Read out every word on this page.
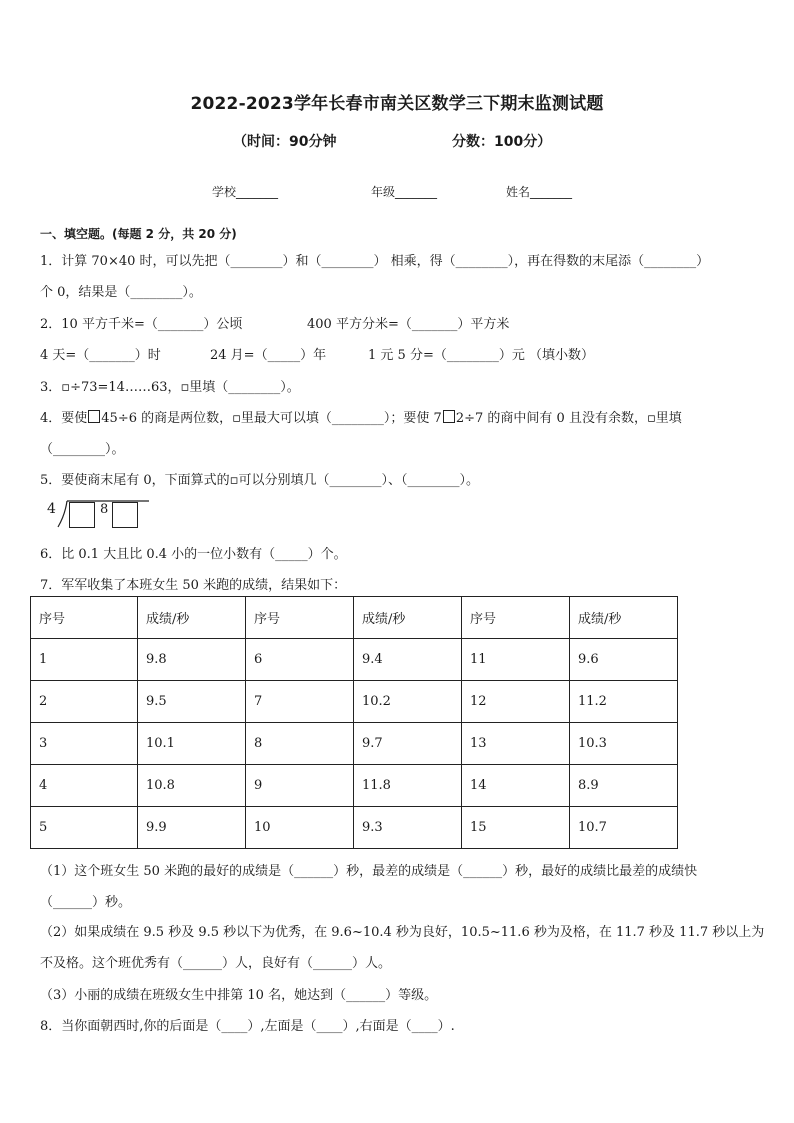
2022-2023学年长春市南关区数学三下期末监测试题
（时间：90分钟	分数：100分）
学校_______	年级_______	姓名_______
一、填空题。(每题 2 分，共 20 分)
1．计算 70×40 时，可以先把（________）和（________） 相乘，得（________），再在得数的末尾添（________）
个 0，结果是（________）。
2．10 平方千米=（_______）公顷	400 平方分米=（_______）平方米
4 天=（_______）时	24 月=（_____）年	1 元 5 分=（________）元 （填小数）
3．▫÷73=14……63，▫里填（________）。
4．要使 45÷6 的商是两位数，▫里最大可以填（________）；要使 7 2÷7 的商中间有 0 且没有余数，▫里填
（________）。
5．要使商末尾有 0，下面算式的▫可以分别填几（________）、（________）。
4	8
6．比 0.1 大且比 0.4 小的一位小数有（_____）个。
7．军军收集了本班女生 50 米跑的成绩，结果如下：
序号	成绩/秒	序号	成绩/秒	序号	成绩/秒
1	9.8	6	9.4	11	9.6
2	9.5	7	10.2	12	11.2
3	10.1	8	9.7	13	10.3
4	10.8	9	11.8	14	8.9
5	9.9	10	9.3	15	10.7
（1）这个班女生 50 米跑的最好的成绩是（______）秒，最差的成绩是（______）秒，最好的成绩比最差的成绩快
（______）秒。
（2）如果成绩在 9.5 秒及 9.5 秒以下为优秀，在 9.6~10.4 秒为良好，10.5~11.6 秒为及格，在 11.7 秒及 11.7 秒以上为
不及格。这个班优秀有（______）人，良好有（______）人。
（3）小丽的成绩在班级女生中排第 10 名，她达到（______）等级。
8．当你面朝西时,你的后面是（____）,左面是（____）,右面是（____）.
